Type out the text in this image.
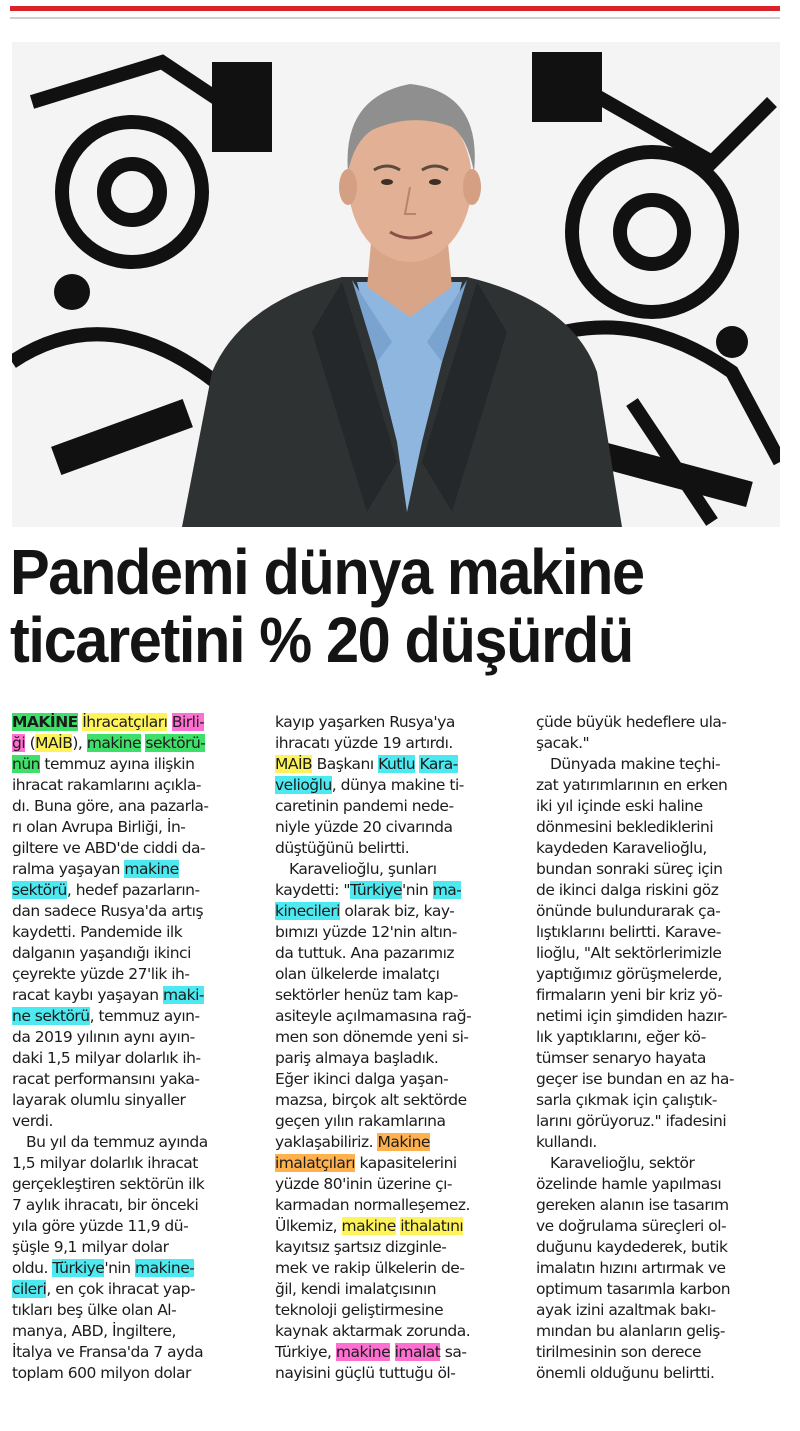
Pandemi dünya makine
ticaretini % 20 düşürdü

MAKİNE İhracatçıları Birli-
ği (MAİB), makine sektörü-
nün temmuz ayına ilişkin
ihracat rakamlarını açıkla-
dı. Buna göre, ana pazarla-
rı olan Avrupa Birliği, İn-
giltere ve ABD'de ciddi da-
ralma yaşayan makine
sektörü, hedef pazarların-
dan sadece Rusya'da artış
kaydetti. Pandemide ilk
dalganın yaşandığı ikinci
çeyrekte yüzde 27'lik ih-
racat kaybı yaşayan maki-
ne sektörü, temmuz ayın-
da 2019 yılının aynı ayın-
daki 1,5 milyar dolarlık ih-
racat performansını yaka-
layarak olumlu sinyaller
verdi.

Bu yıl da temmuz ayında
1,5 milyar dolarlık ihracat
gerçekleştiren sektörün ilk
7 aylık ihracatı, bir önceki
yıla göre yüzde 11,9 dü-
şüşle 9,1 milyar dolar
oldu. Türkiye'nin makine-
cileri, en çok ihracat yap-
tıkları beş ülke olan Al-
manya, ABD, İngiltere,
İtalya ve Fransa'da 7 ayda
toplam 600 milyon dolar

kayıp yaşarken Rusya'ya
ihracatı yüzde 19 artırdı.
MAİB Başkanı Kutlu Kara-
velioğlu, dünya makine ti-
caretinin pandemi nede-
niyle yüzde 20 civarında
düştüğünü belirtti.

Karavelioğlu, şunları
kaydetti: "Türkiye'nin ma-
kinecileri olarak biz, kay-
bımızı yüzde 12'nin altın-
da tuttuk. Ana pazarımız
olan ülkelerde imalatçı
sektörler henüz tam kap-
asiteyle açılmamasına rağ-
men son dönemde yeni si-
pariş almaya başladık.
Eğer ikinci dalga yaşan-
mazsa, birçok alt sektörde
geçen yılın rakamlarına
yaklaşabiliriz. Makine
imalatçıları kapasitelerini
yüzde 80'inin üzerine çı-
karmadan normalleşemez.
Ülkemiz, makine ithalatını
kayıtsız şartsız dizginle-
mek ve rakip ülkelerin de-
ğil, kendi imalatçısının
teknoloji geliştirmesine
kaynak aktarmak zorunda.
Türkiye, makine imalat sa-
nayisini güçlü tuttuğu öl-

çüde büyük hedeflere ula-
şacak."

Dünyada makine teçhi-
zat yatırımlarının en erken
iki yıl içinde eski haline
dönmesini beklediklerini
kaydeden Karavelioğlu,
bundan sonraki süreç için
de ikinci dalga riskini göz
önünde bulundurarak ça-
lıştıklarını belirtti. Karave-
lioğlu, "Alt sektörlerimizle
yaptığımız görüşmelerde,
firmaların yeni bir kriz yö-
netimi için şimdiden hazır-
lık yaptıklarını, eğer kö-
tümser senaryo hayata
geçer ise bundan en az ha-
sarla çıkmak için çalıştık-
larını görüyoruz." ifadesini
kullandı.

Karavelioğlu, sektör
özelinde hamle yapılması
gereken alanın ise tasarım
ve doğrulama süreçleri ol-
duğunu kaydederek, butik
imalatın hızını artırmak ve
optimum tasarımla karbon
ayak izini azaltmak bakı-
mından bu alanların geliş-
tirilmesinin son derece
önemli olduğunu belirtti.
